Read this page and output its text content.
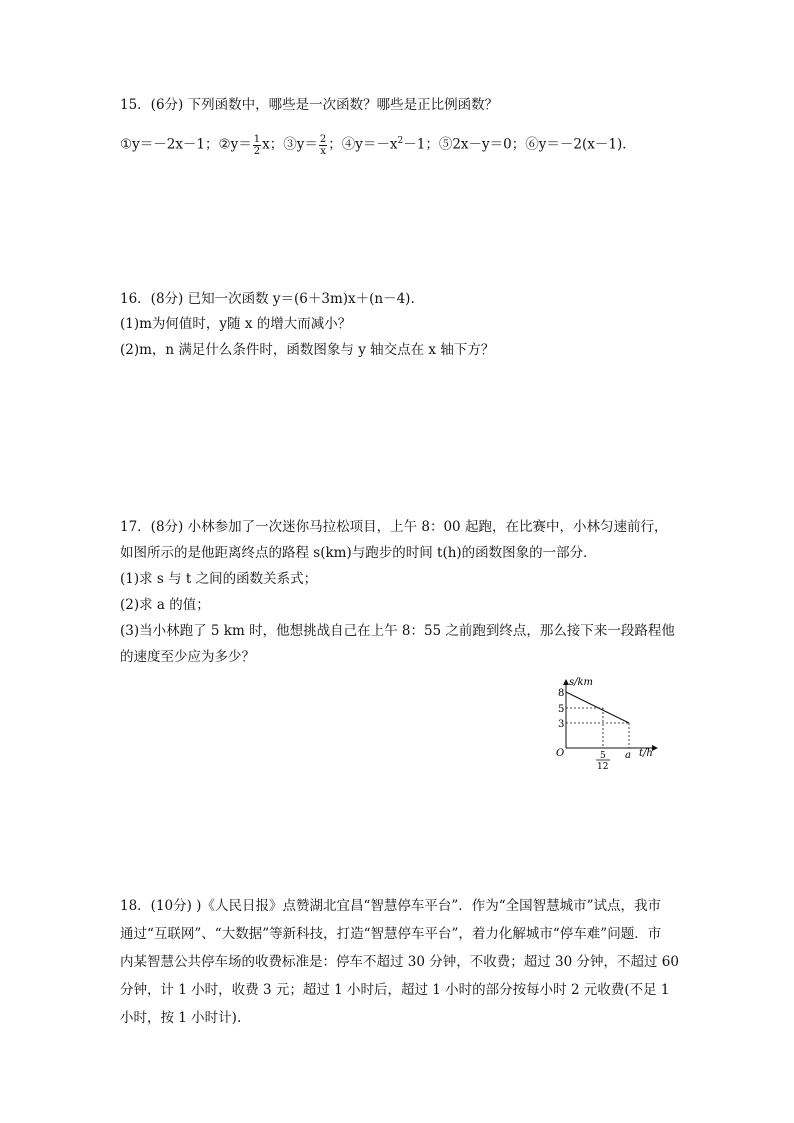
15．(6分) 下列函数中，哪些是一次函数？哪些是正比例函数？
①y＝－2x－1；②y＝ $\frac{1}{2}$ x；③y＝ $\frac{2}{x}$ ；$④y=-x^2-1$；⑤2x－y＝0；⑥y＝－2(x－1)．
16．(8分) 已知一次函数 y＝(6＋3m)x＋(n－4).
(1)m为何值时，y随 x 的增大而减小？
(2)m，n 满足什么条件时，函数图象与 y 轴交点在 x 轴下方？
17．(8分) 小林参加了一次迷你马拉松项目，上午 8：00 起跑，在比赛中，小林匀速前行，
如图所示的是他距离终点的路程 s(km)与跑步的时间 t(h)的函数图象的一部分．
(1)求 s 与 t 之间的函数关系式；
(2)求 a 的值；
(3)当小林跑了 5 km 时，他想挑战自己在上午 8：55 之前跑到终点，那么接下来一段路程他
的速度至少应为多少？
s/km
t/h
O
8
5
3
5
12
a
18．(10分) )《人民日报》点赞湖北宜昌“智慧停车平台”．作为“全国智慧城市”试点，我市
通过“互联网”、“大数据”等新科技，打造“智慧停车平台”，着力化解城市“停车难”问题．市
内某智慧公共停车场的收费标准是：停车不超过 30 分钟，不收费；超过 30 分钟，不超过 60
分钟，计 1 小时，收费 3 元；超过 1 小时后，超过 1 小时的部分按每小时 2 元收费(不足 1
小时，按 1 小时计).
